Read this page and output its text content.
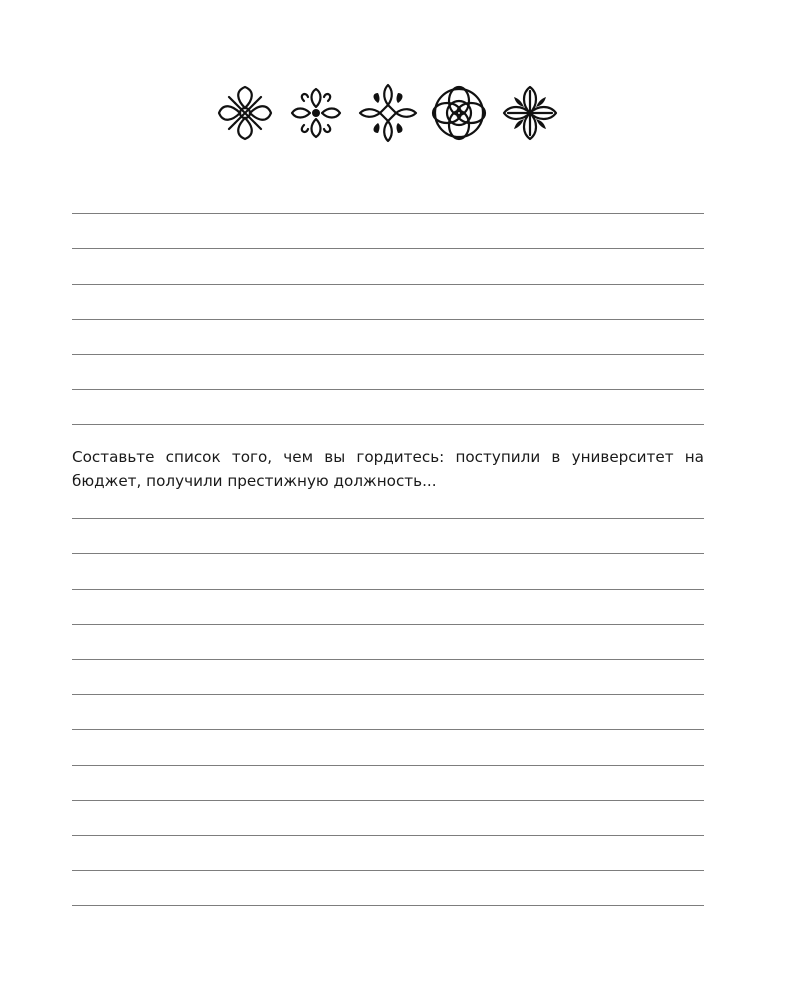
Составьте список того, чем вы гордитесь: поступили в университет на бюджет, получили престижную должность...
